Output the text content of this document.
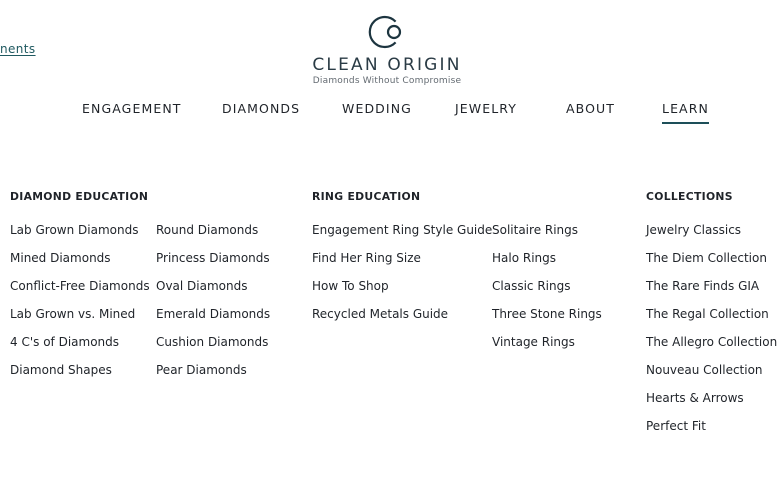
nents
CLEAN ORIGIN
Diamonds Without Compromise
ENGAGEMENT	DIAMONDS	WEDDING	JEWELRY	ABOUT	LEARN
DIAMOND EDUCATION
Lab Grown Diamonds
Mined Diamonds
Conflict-Free Diamonds
Lab Grown vs. Mined
4 C's of Diamonds
Diamond Shapes
Round Diamonds
Princess Diamonds
Oval Diamonds
Emerald Diamonds
Cushion Diamonds
Pear Diamonds
RING EDUCATION
Engagement Ring Style Guide
Find Her Ring Size
How To Shop
Recycled Metals Guide
Solitaire Rings
Halo Rings
Classic Rings
Three Stone Rings
Vintage Rings
COLLECTIONS
Jewelry Classics
The Diem Collection
The Rare Finds GIA
The Regal Collection
The Allegro Collection
Nouveau Collection
Hearts & Arrows
Perfect Fit
